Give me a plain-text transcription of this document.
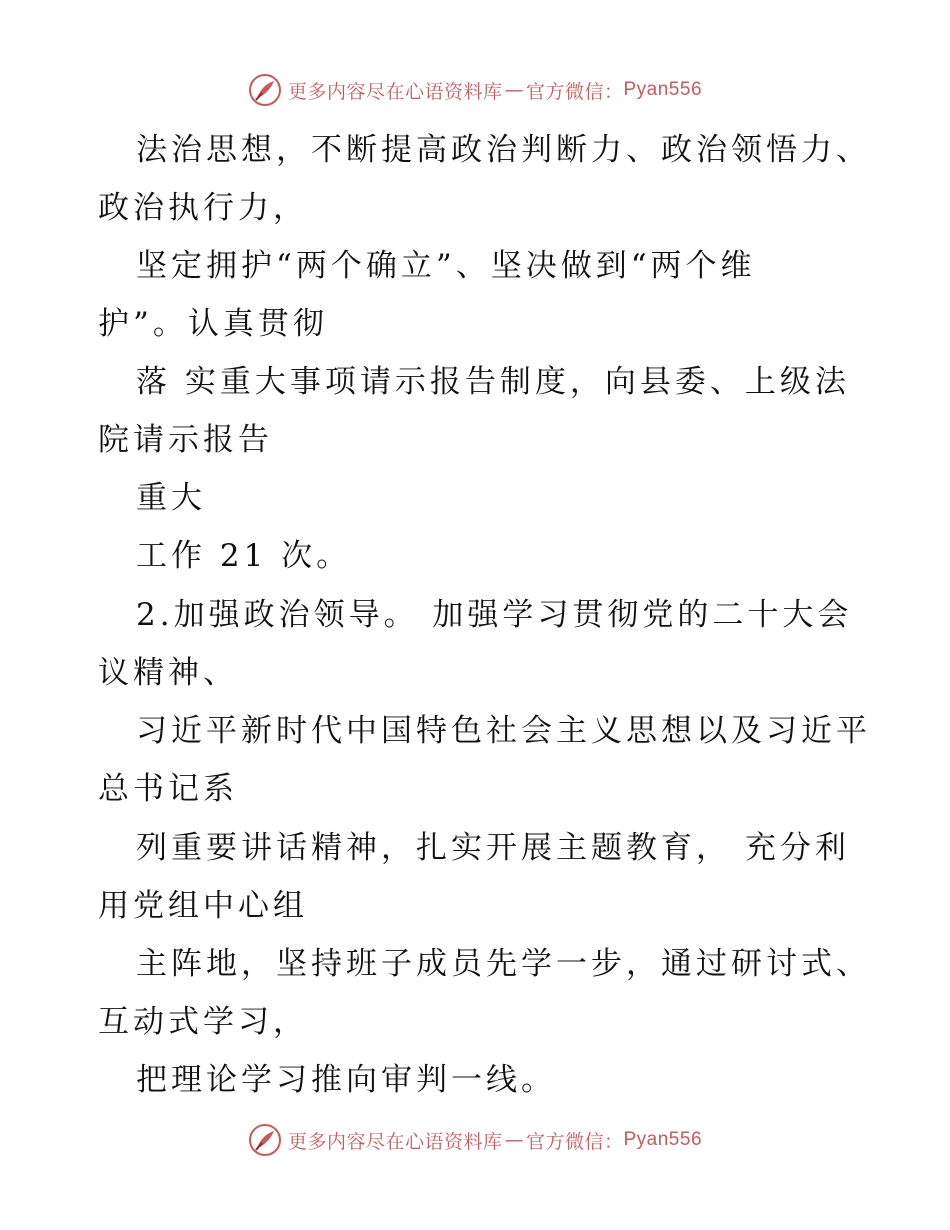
更多内容尽在心语资料库 — 官方微信： Pyan556
法治思想，不断提高政治判断力、政治领悟力、
政治执行力，
坚定拥护“两个确立”、坚决做到“两个维
护”。认真贯彻
落 实重大事项请示报告制度，向县委、上级法
院请示报告
重大
工作 21 次。
2.加强政治领导。 加强学习贯彻党的二十大会
议精神、
习近平新时代中国特色社会主义思想以及习近平
总书记系
列重要讲话精神，扎实开展主题教育， 充分利
用党组中心组
主阵地，坚持班子成员先学一步，通过研讨式、
互动式学习，
把理论学习推向审判一线。
更多内容尽在心语资料库 — 官方微信： Pyan556
